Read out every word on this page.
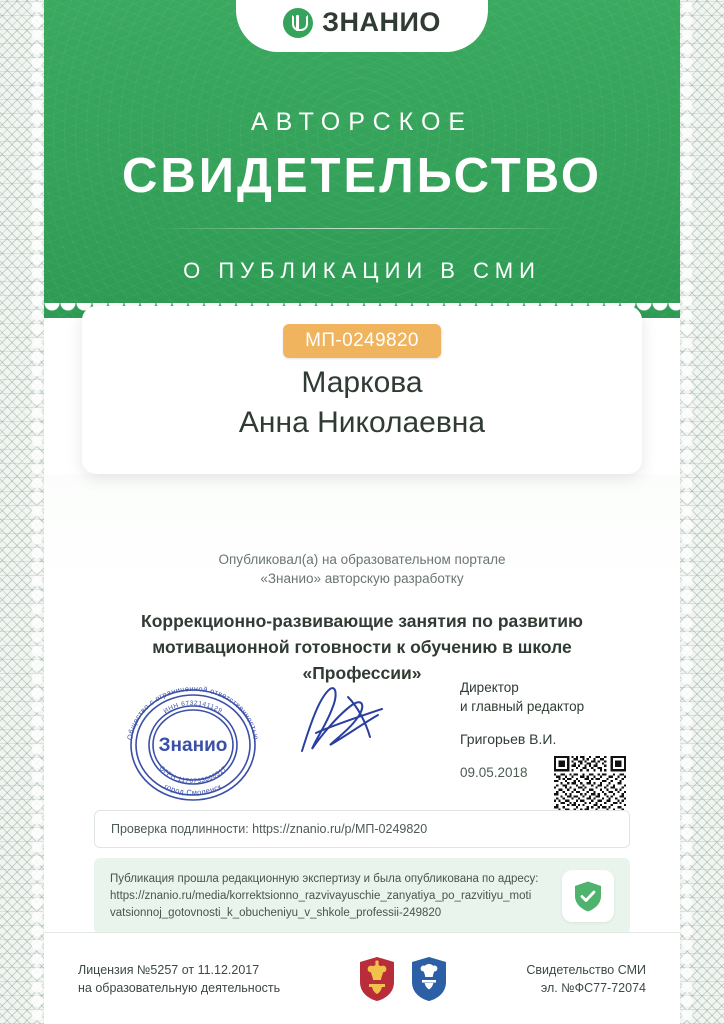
АВТОРСКОЕ
СВИДЕТЕЛЬСТВО
О ПУБЛИКАЦИИ В СМИ
ЗНАНИО
Маркова
Анна Николаевна
МП-0249820
Опубликовал(а) на образовательном портале
«Знанио» авторскую разработку
Коррекционно-развивающие занятия по развитию
мотивационной готовности к обучению в школе
«Профессии»
Общество с ограниченной ответственностью
город Смоленск
ИНН 6732141129
ОГРН 1176733008517
Знанио
Директор
и главный редактор
Григорьев В.И.
09.05.2018
Проверка подлинности: https://znanio.ru/p/МП-0249820
Публикация прошла редакционную экспертизу и была опубликована по адресу:
https://znanio.ru/media/korrektsionno_razvivayuschie_zanyatiya_po_razvitiyu_moti
vatsionnoj_gotovnosti_k_obucheniyu_v_shkole_professii-249820
Лицензия №5257 от 11.12.2017
на образовательную деятельность
Свидетельство СМИ
эл. №ФС77-72074
